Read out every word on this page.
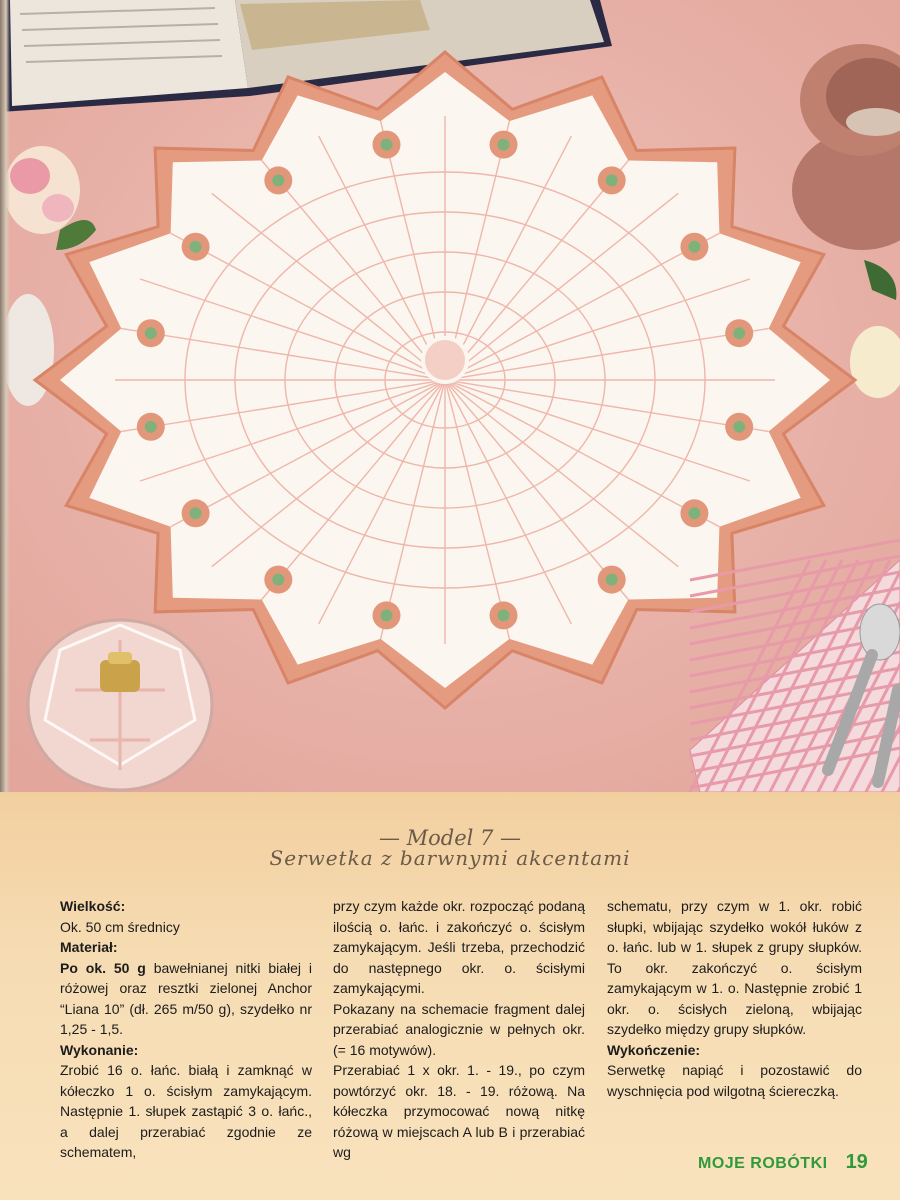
— Model 7 —
Serwetka z barwnymi akcentami

Wielkość:

Ok. 50 cm średnicy

Materiał:

Po ok. 50 g bawełnianej nitki białej i różowej oraz resztki zielonej Anchor “Liana 10” (dł. 265 m/50 g), szydełko nr 1,25 - 1,5.

Wykonanie:

Zrobić 16 o. łańc. białą i zamknąć w kółeczko 1 o. ścisłym zamykającym. Następnie 1. słupek zastąpić 3 o. łańc., a dalej przerabiać zgodnie ze schematem,

przy czym każde okr. rozpocząć podaną ilością o. łańc. i zakończyć o. ścisłym zamykającym. Jeśli trzeba, przechodzić do następnego okr. o. ścisłymi zamykającymi.

Pokazany na schemacie fragment dalej przerabiać analogicznie w pełnych okr. (= 16 motywów).

Przerabiać 1 x okr. 1. - 19., po czym powtórzyć okr. 18. - 19. różową. Na kółeczka przymocować nową nitkę różową w miejscach A lub B i przerabiać wg

schematu, przy czym w 1. okr. robić słupki, wbijając szydełko wokół łuków z o. łańc. lub w 1. słupek z grupy słupków. To okr. zakończyć o. ścisłym zamykającym w 1. o. Następnie zrobić 1 okr. o. ścisłych zieloną, wbijając szydełko między grupy słupków.

Wykończenie:

Serwetkę napiąć i pozostawić do wyschnięcia pod wilgotną ściereczką.

MOJE ROBÓTKI 19
